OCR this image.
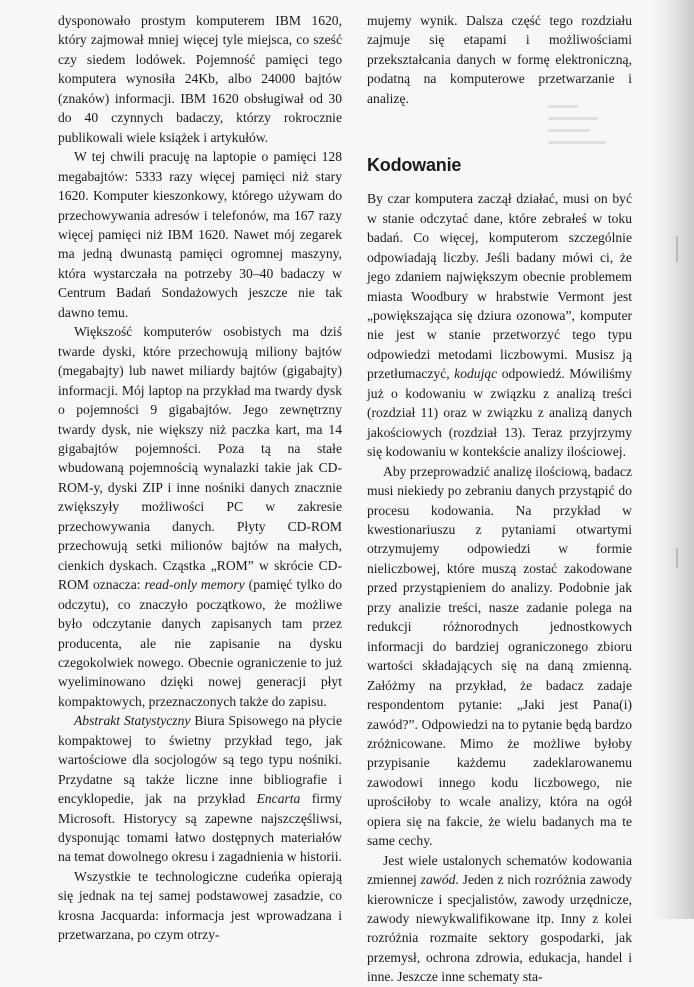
dysponowało prostym komputerem IBM 1620, który zajmował mniej więcej tyle miejsca, co sześć czy siedem lodówek. Pojemność pamięci tego komputera wynosiła 24Kb, albo 24000 bajtów (znaków) informacji. IBM 1620 obsługiwał od 30 do 40 czynnych badaczy, którzy rokrocznie publikowali wiele książek i artykułów.

W tej chwili pracuję na laptopie o pamięci 128 megabajtów: 5333 razy więcej pamięci niż stary 1620. Komputer kieszonkowy, którego używam do przechowywania adresów i telefonów, ma 167 razy więcej pamięci niż IBM 1620. Nawet mój zegarek ma jedną dwunastą pamięci ogromnej maszyny, która wystarczała na potrzeby 30–40 badaczy w Centrum Badań Sondażowych jeszcze nie tak dawno temu.

Większość komputerów osobistych ma dziś twarde dyski, które przechowują miliony bajtów (megabajty) lub nawet miliardy bajtów (gigabajty) informacji. Mój laptop na przykład ma twardy dysk o pojemności 9 gigabajtów. Jego zewnętrzny twardy dysk, nie większy niż paczka kart, ma 14 gigabajtów pojemności. Poza tą na stałe wbudowaną pojemnością wynalazki takie jak CD-ROM-y, dyski ZIP i inne nośniki danych znacznie zwiększyły możliwości PC w zakresie przechowywania danych. Płyty CD-ROM przechowują setki milionów bajtów na małych, cienkich dyskach. Cząstka „ROM” w skrócie CD-ROM oznacza: read-only memory (pamięć tylko do odczytu), co znaczyło początkowo, że możliwe było odczytanie danych zapisanych tam przez producenta, ale nie zapisanie na dysku czegokolwiek nowego. Obecnie ograniczenie to już wyeliminowano dzięki nowej generacji płyt kompaktowych, przeznaczonych także do zapisu.

Abstrakt Statystyczny Biura Spisowego na płycie kompaktowej to świetny przykład tego, jak wartościowe dla socjologów są tego typu nośniki. Przydatne są także liczne inne bibliografie i encyklopedie, jak na przykład Encarta firmy Microsoft. Historycy są zapewne najszczęśliwsi, dysponując tomami łatwo dostępnych materiałów na temat dowolnego okresu i zagadnienia w historii.

Wszystkie te technologiczne cudeńka opierają się jednak na tej samej podstawowej zasadzie, co krosna Jacquarda: informacja jest wprowadzana i przetwarzana, po czym otrzy-

mujemy wynik. Dalsza część tego rozdziału zajmuje się etapami i możliwościami przekształcania danych w formę elektroniczną, podatną na komputerowe przetwarzanie i analizę.

Kodowanie

By czar komputera zaczął działać, musi on być w stanie odczytać dane, które zebrałeś w toku badań. Co więcej, komputerom szczególnie odpowiadają liczby. Jeśli badany mówi ci, że jego zdaniem największym obecnie problemem miasta Woodbury w hrabstwie Vermont jest „powiększająca się dziura ozonowa”, komputer nie jest w stanie przetworzyć tego typu odpowiedzi metodami liczbowymi. Musisz ją przetłumaczyć, kodując odpowiedź. Mówiliśmy już o kodowaniu w związku z analizą treści (rozdział 11) oraz w związku z analizą danych jakościowych (rozdział 13). Teraz przyjrzymy się kodowaniu w kontekście analizy ilościowej.

Aby przeprowadzić analizę ilościową, badacz musi niekiedy po zebraniu danych przystąpić do procesu kodowania. Na przykład w kwestionariuszu z pytaniami otwartymi otrzymujemy odpowiedzi w formie nieliczbowej, które muszą zostać zakodowane przed przystąpieniem do analizy. Podobnie jak przy analizie treści, nasze zadanie polega na redukcji różnorodnych jednostkowych informacji do bardziej ograniczonego zbioru wartości składających się na daną zmienną. Załóżmy na przykład, że badacz zadaje respondentom pytanie: „Jaki jest Pana(i) zawód?”. Odpowiedzi na to pytanie będą bardzo zróżnicowane. Mimo że możliwe byłoby przypisanie każdemu zadeklarowanemu zawodowi innego kodu liczbowego, nie uprościłoby to wcale analizy, która na ogół opiera się na fakcie, że wielu badanych ma te same cechy.

Jest wiele ustalonych schematów kodowania zmiennej zawód. Jeden z nich rozróżnia zawody kierownicze i specjalistów, zawody urzędnicze, zawody niewykwalifikowane itp. Inny z kolei rozróżnia rozmaite sektory gospodarki, jak przemysł, ochrona zdrowia, edukacja, handel i inne. Jeszcze inne schematy sta-
